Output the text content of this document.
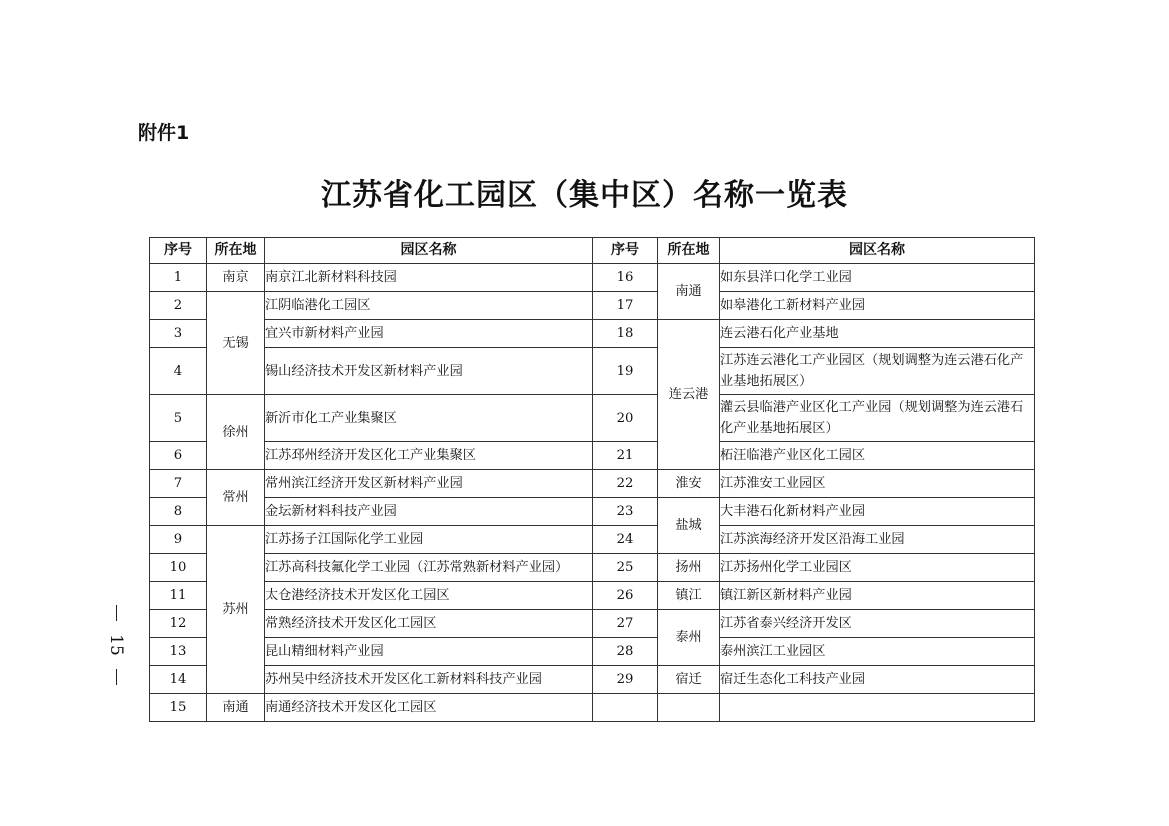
附件1
江苏省化工园区（集中区）名称一览表
15
序号	所在地	园区名称	序号	所在地	园区名称
1	南京	南京江北新材料科技园	16	南通	如东县洋口化学工业园
2	无锡	江阴临港化工园区	17		如皋港化工新材料产业园
3		宜兴市新材料产业园	18	连云港	连云港石化产业基地
4		锡山经济技术开发区新材料产业园	19		江苏连云港化工产业园区（规划调整为连云港石化产业基地拓展区）
5	徐州	新沂市化工产业集聚区	20		灌云县临港产业区化工产业园（规划调整为连云港石化产业基地拓展区）
6		江苏邳州经济开发区化工产业集聚区	21		柘汪临港产业区化工园区
7	常州	常州滨江经济开发区新材料产业园	22	淮安	江苏淮安工业园区
8		金坛新材料科技产业园	23	盐城	大丰港石化新材料产业园
9	苏州	江苏扬子江国际化学工业园	24		江苏滨海经济开发区沿海工业园
10		江苏高科技氟化学工业园（江苏常熟新材料产业园）	25	扬州	江苏扬州化学工业园区
11		太仓港经济技术开发区化工园区	26	镇江	镇江新区新材料产业园
12		常熟经济技术开发区化工园区	27	泰州	江苏省泰兴经济开发区
13		昆山精细材料产业园	28		泰州滨江工业园区
14		苏州吴中经济技术开发区化工新材料科技产业园	29	宿迁	宿迁生态化工科技产业园
15	南通	南通经济技术开发区化工园区			
